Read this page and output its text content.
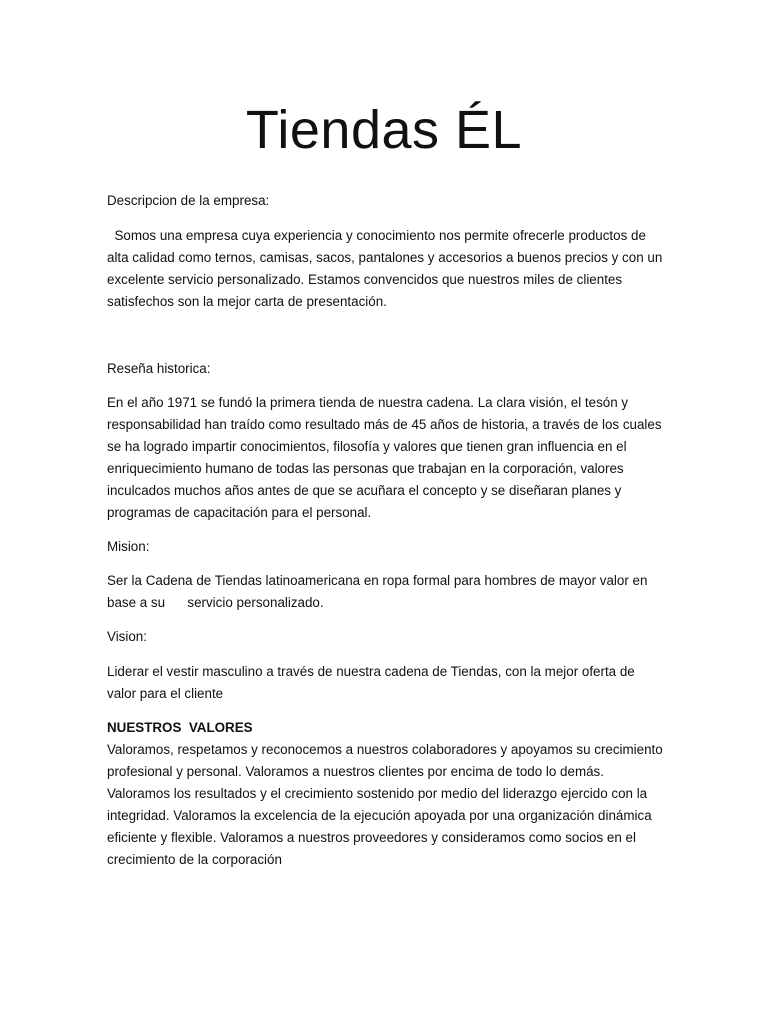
Tiendas ÉL

Descripcion de la empresa:

Somos una empresa cuya experiencia y conocimiento nos permite ofrecerle productos de alta calidad como ternos, camisas, sacos, pantalones y accesorios a buenos precios y con un excelente servicio personalizado. Estamos convencidos que nuestros miles de clientes satisfechos son la mejor carta de presentación.

Reseña historica:

En el año 1971 se fundó la primera tienda de nuestra cadena. La clara visión, el tesón y responsabilidad han traído como resultado más de 45 años de historia, a través de los cuales se ha logrado impartir conocimientos, filosofía y valores que tienen gran influencia en el enriquecimiento humano de todas las personas que trabajan en la corporación, valores inculcados muchos años antes de que se acuñara el concepto y se diseñaran planes y programas de capacitación para el personal.

Mision:

Ser la Cadena de Tiendas latinoamericana en ropa formal para hombres de mayor valor en base a su      servicio personalizado.

Vision:

Liderar el vestir masculino a través de nuestra cadena de Tiendas, con la mejor oferta de valor para el cliente

NUESTROS  VALORES

Valoramos, respetamos y reconocemos a nuestros colaboradores y apoyamos su crecimiento profesional y personal. Valoramos a nuestros clientes por encima de todo lo demás. Valoramos los resultados y el crecimiento sostenido por medio del liderazgo ejercido con la integridad. Valoramos la excelencia de la ejecución apoyada por una organización dinámica eficiente y flexible. Valoramos a nuestros proveedores y consideramos como socios en el crecimiento de la corporación
